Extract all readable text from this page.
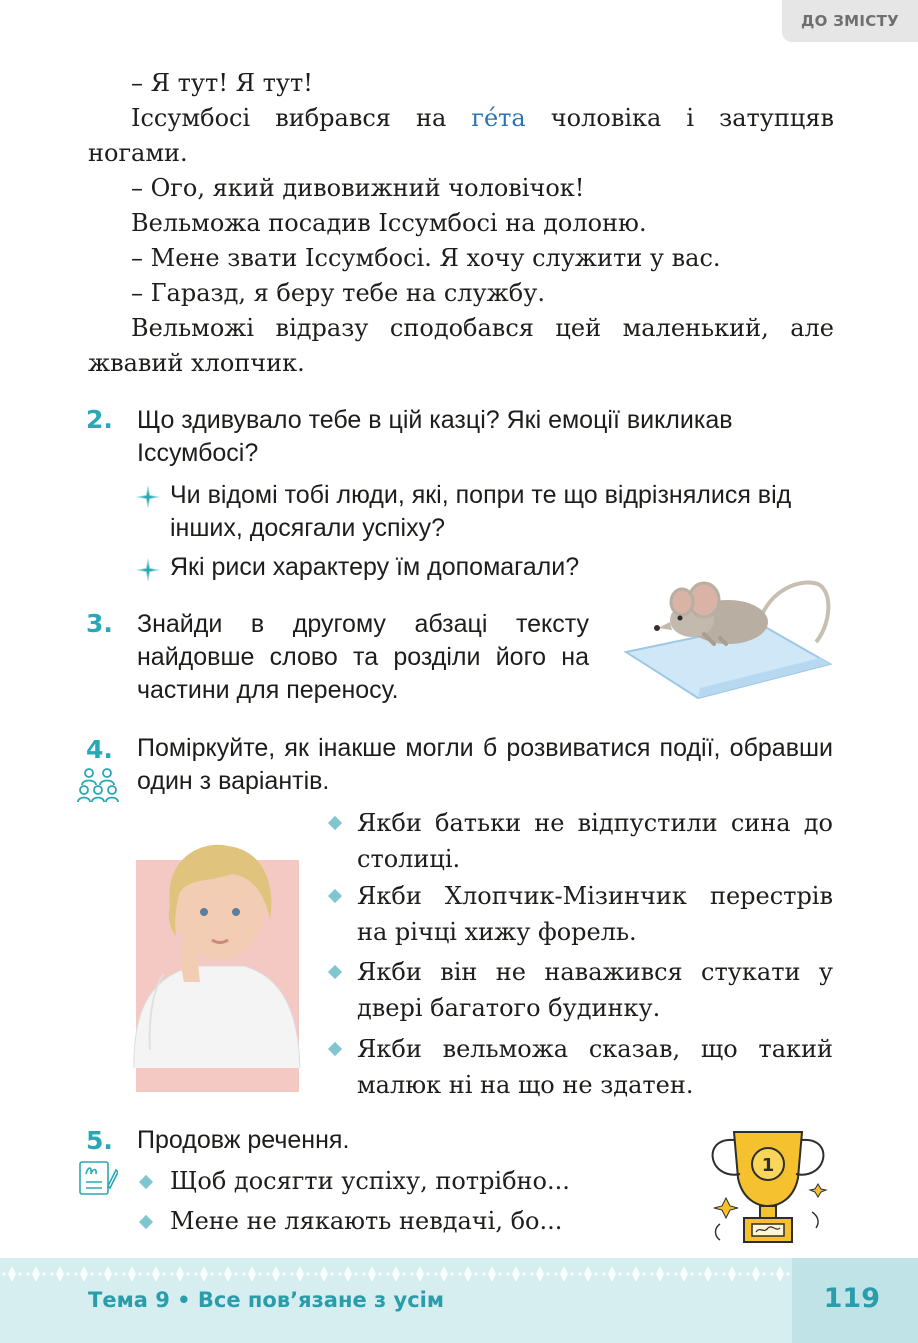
ДО ЗМІСТУ

– Я тут! Я тут!

Іссумбосі вибрався на ге́та чоловіка і затупцяв ногами.

– Ого, який дивовижний чоловічок!

Вельможа посадив Іссумбосі на долоню.

– Мене звати Іссумбосі. Я хочу служити у вас.

– Гаразд, я беру тебе на службу.

Вельможі відразу сподобався цей маленький, але жвавий хлопчик.

2. Що здивувало тебе в цій казці? Які емоції викликав Іссумбосі?
Чи відомі тобі люди, які, попри те що відрізнялися від інших, досягали успіху?
Які риси характеру їм допомагали?
3. Знайди в другому абзаці тексту найдовше слово та розділи його на частини для переносу.
4. Поміркуйте, як інакше могли б розвиватися події, обравши один з варіантів.
Якби батьки не відпустили сина до столиці.
Якби Хлопчик-Мізинчик перестрів на річці хижу форель.
Якби він не наважився стукати у двері багатого будинку.
Якби вельможа сказав, що такий малюк ні на що не здатен.
5. Продовж речення.
Щоб досягти успіху, потрібно...
Мене не лякають невдачі, бо...
1
Тема 9 • Все пов’язане з усім	119
